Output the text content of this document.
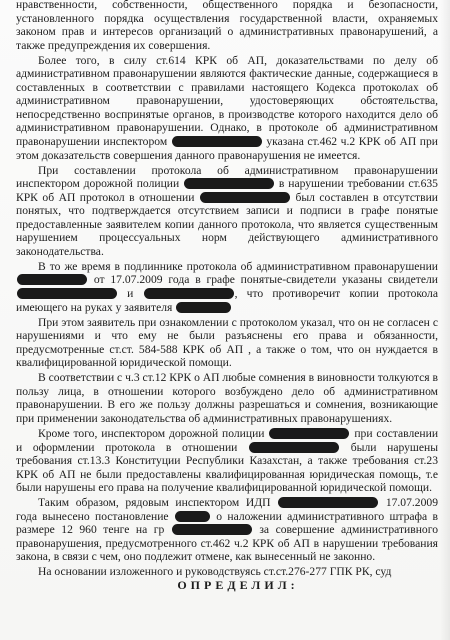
нравственности, собственности, общественного порядка и безопасности, установленного порядка осуществления государственной власти, охраняемых законом прав и интересов организаций о административных правонарушений, а также предупреждения их совершения.

Более того, в силу ст.614 КРК об АП, доказательствами по делу об административном правонарушении являются фактические данные, содержащиеся в составленных в соответствии с правилами настоящего Кодекса протоколах об административном правонарушении, удостоверяющих обстоятельства, непосредственно воспринятые органов, в производстве которого находится дело об административном правонарушении. Однако, в протоколе об административном правонарушении инспектором	указана ст.462 ч.2 КРК об АП при этом доказательств совершения данного правонарушения не имеется.

При составлении протокола об административном правонарушении инспектором дорожной полиции	в нарушении требовании ст.635 КРК об АП протокол в отношении	был составлен в отсутствии понятых, что подтверждается отсутствием записи и подписи в графе понятые предоставленные заявителем копии данного протокола, что является существенным нарушением процессуальных норм действующего административного законодательства.

В то же время в подлиннике протокола об административном правонарушении  от 17.07.2009 года в графе понятые-свидетели указаны свидетели  и	, что противоречит копии протокола имеющего на руках у заявителя

При этом заявитель при ознакомлении с протоколом указал, что он не согласен с нарушениями и что ему не были разъяснены его права и обязанности, предусмотренные ст.ст. 584-588 КРК об АП , а также о том, что он нуждается в квалифицированной юридической помощи.

В соответствии с ч.3 ст.12 КРК о АП любые сомнения в виновности толкуются в пользу лица, в отношении которого возбуждено дело об административном правонарушении. В его же пользу должны разрешаться и сомнения, возникающие при применении законодательства об административных правонарушениях.

Кроме того, инспектором дорожной полиции	при составлении и оформлении протокола в отношении	были нарушены требования ст.13.3 Конституции Республики Казахстан, а также требования ст.23 КРК об АП не были предоставлены квалифицированная юридическая помощь, т.е были нарушены его права на получение квалифицированной юридической помощи.

Таким образом, рядовым инспектором ИДП	17.07.2009 года вынесено постановление	о наложении административного штрафа в размере 12 960 тенге на гр	за совершение административного правонарушения, предусмотренного ст.462 ч.2 КРК об АП в нарушении требования закона, в связи с чем, оно подлежит отмене, как вынесенный не законно.

На основании изложенного и руководствуясь ст.ст.276-277 ГПК РК, суд

ОПРЕДЕЛИЛ:
